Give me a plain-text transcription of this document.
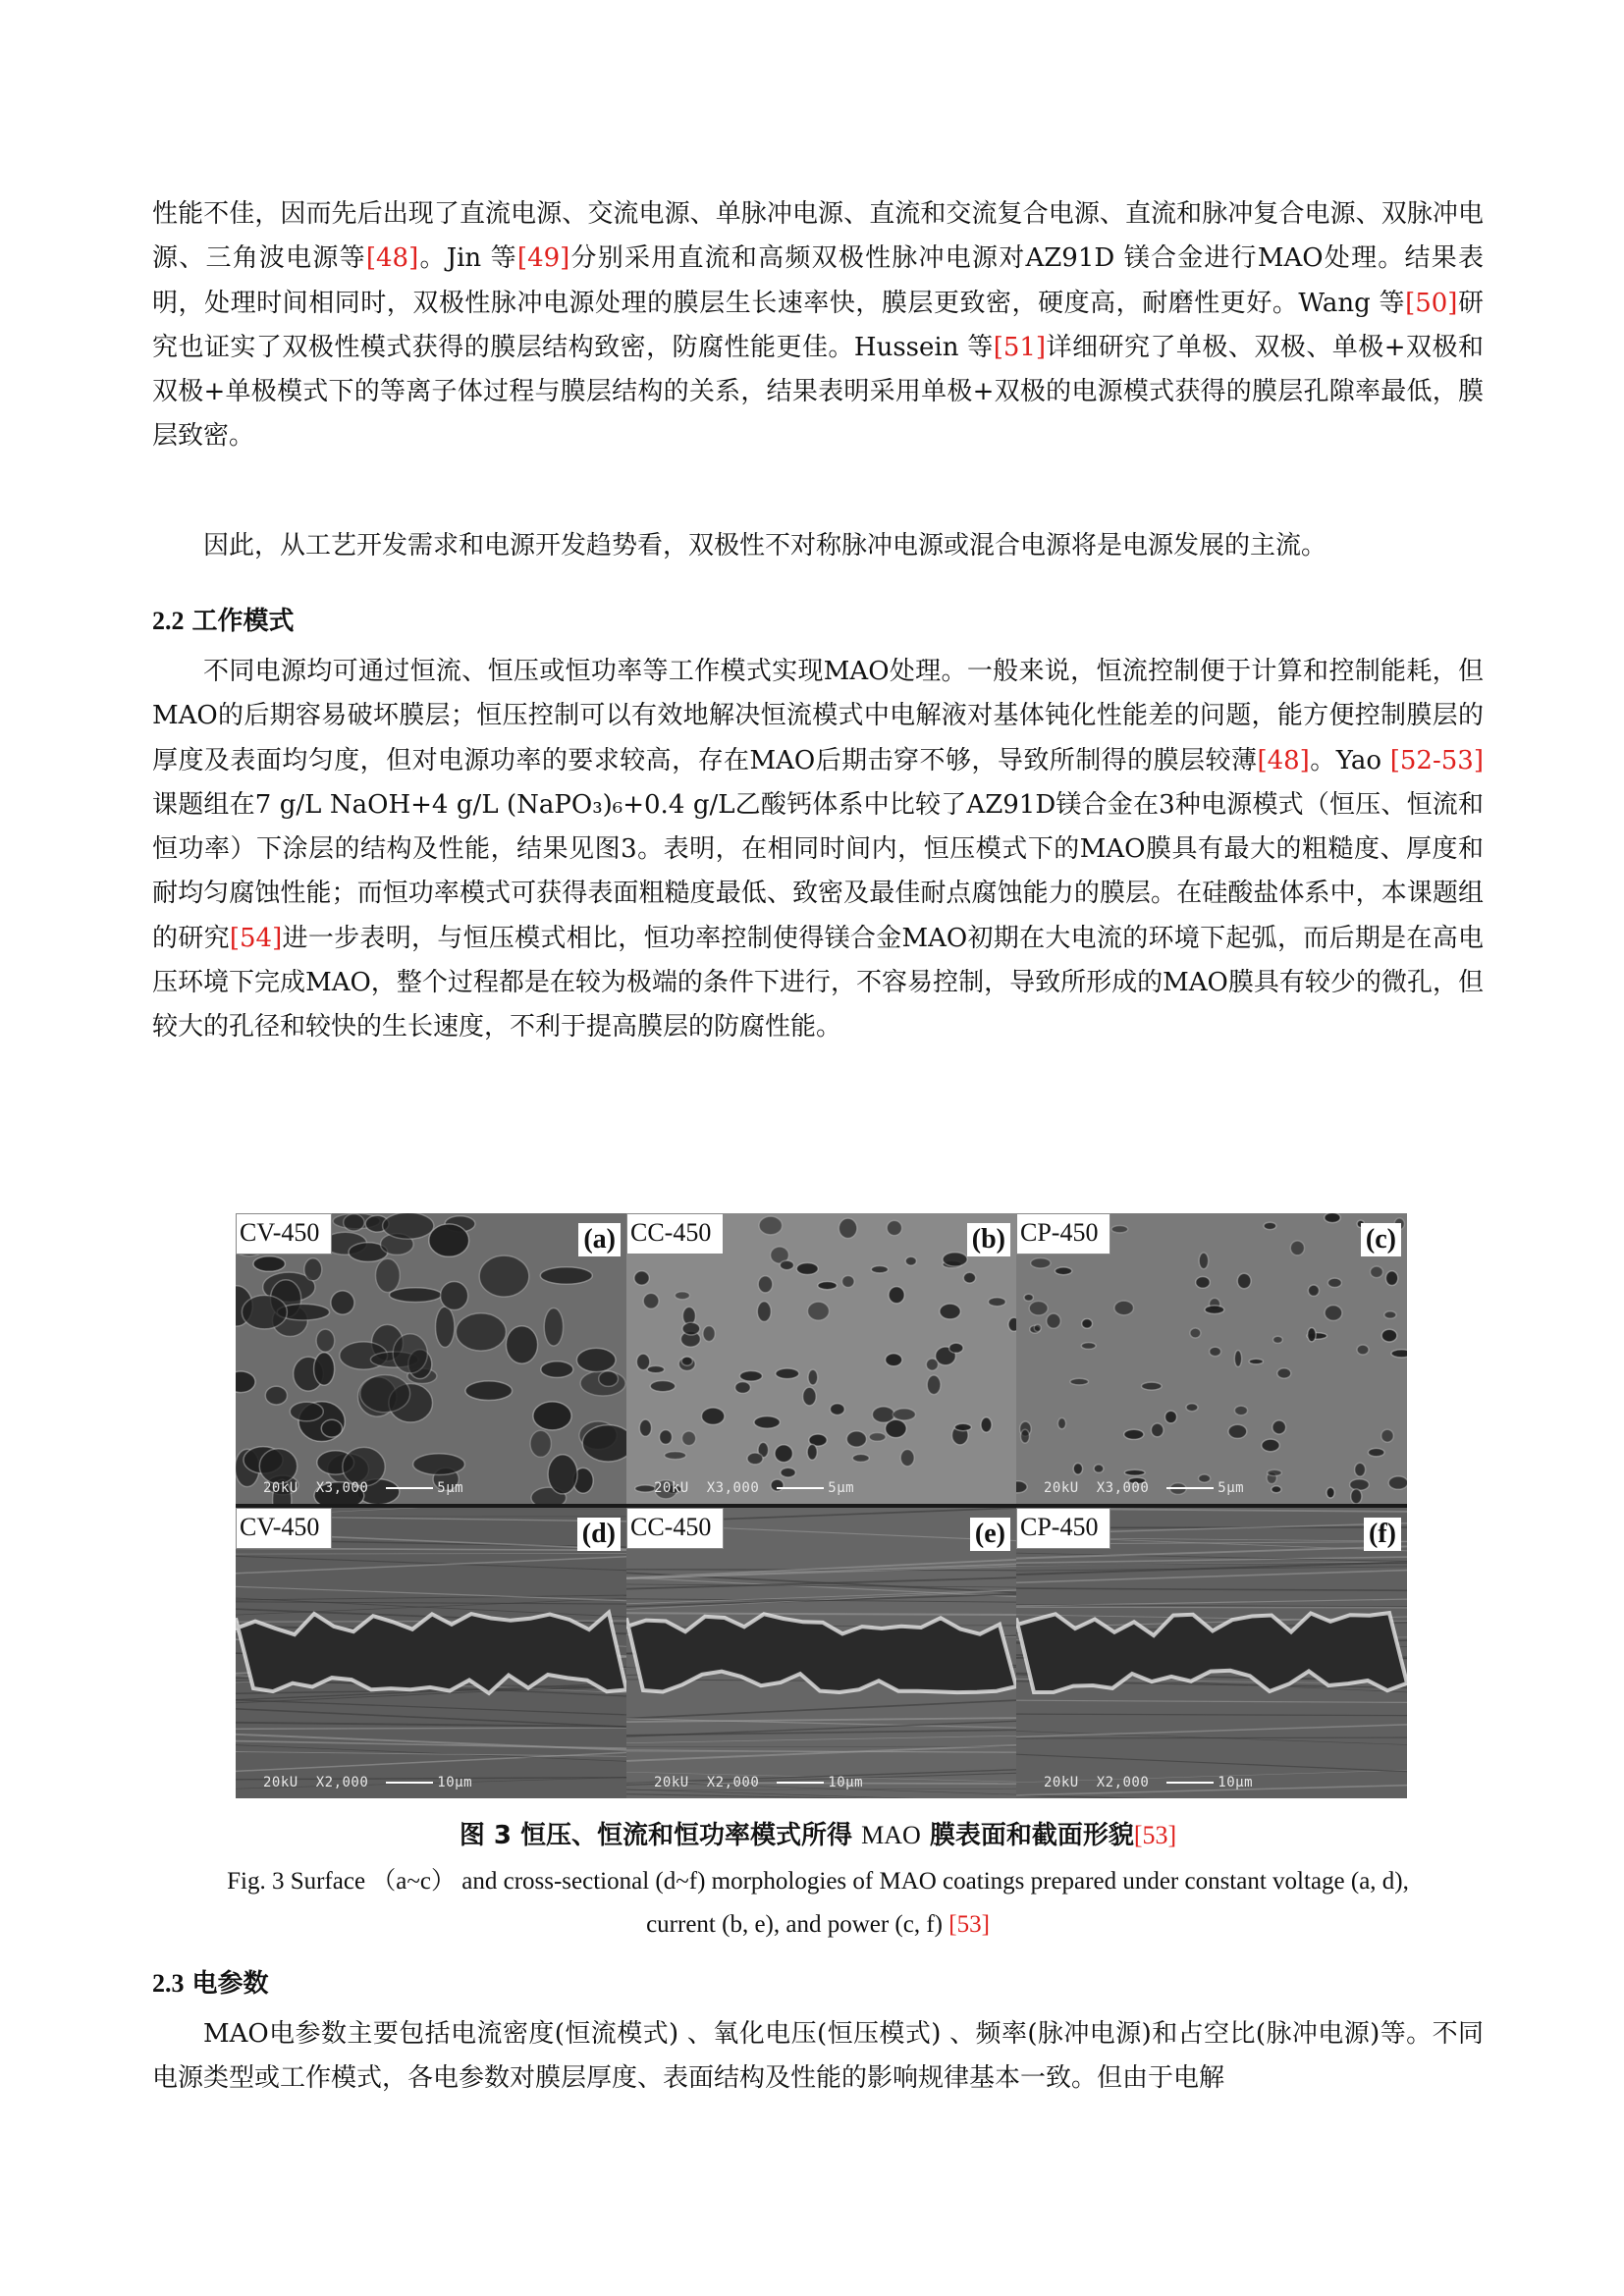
性能不佳，因而先后出现了直流电源、交流电源、单脉冲电源、直流和交流复合电源、直流和脉冲复合电源、双脉冲电源、三角波电源等[48]。Jin 等[49]分别采用直流和高频双极性脉冲电源对AZ91D 镁合金进行MAO处理。结果表明，处理时间相同时，双极性脉冲电源处理的膜层生长速率快，膜层更致密，硬度高，耐磨性更好。Wang 等[50]研究也证实了双极性模式获得的膜层结构致密，防腐性能更佳。Hussein 等[51]详细研究了单极、双极、单极+双极和双极+单极模式下的等离子体过程与膜层结构的关系，结果表明采用单极+双极的电源模式获得的膜层孔隙率最低，膜层致密。

因此，从工艺开发需求和电源开发趋势看，双极性不对称脉冲电源或混合电源将是电源发展的主流。

2.2 工作模式

不同电源均可通过恒流、恒压或恒功率等工作模式实现MAO处理。一般来说，恒流控制便于计算和控制能耗，但MAO的后期容易破坏膜层；恒压控制可以有效地解决恒流模式中电解液对基体钝化性能差的问题，能方便控制膜层的厚度及表面均匀度，但对电源功率的要求较高，存在MAO后期击穿不够，导致所制得的膜层较薄[48]。Yao [52-53]课题组在7 g/L NaOH+4 g/L (NaPO₃)₆+0.4 g/L乙酸钙体系中比较了AZ91D镁合金在3种电源模式（恒压、恒流和恒功率）下涂层的结构及性能，结果见图3。表明，在相同时间内，恒压模式下的MAO膜具有最大的粗糙度、厚度和耐均匀腐蚀性能；而恒功率模式可获得表面粗糙度最低、致密及最佳耐点腐蚀能力的膜层。在硅酸盐体系中，本课题组的研究[54]进一步表明，与恒压模式相比，恒功率控制使得镁合金MAO初期在大电流的环境下起弧，而后期是在高电压环境下完成MAO，整个过程都是在较为极端的条件下进行，不容易控制，导致所形成的MAO膜具有较少的微孔，但较大的孔径和较快的生长速度，不利于提高膜层的防腐性能。

CV-450	(a)
20kU X3,000	5μm
CC-450	(b)
20kU X3,000	5μm
CP-450	(c)
20kU X3,000	5μm
CV-450	(d)
20kU X2,000	10μm
CC-450	(e)
20kU X2,000	10μm
CP-450	(f)
20kU X2,000	10μm

图 3 恒压、恒流和恒功率模式所得 MAO 膜表面和截面形貌[53]

Fig. 3 Surface （a~c） and cross-sectional (d~f) morphologies of MAO coatings prepared under constant voltage (a, d), current (b, e), and power (c, f) [53]

2.3 电参数

MAO电参数主要包括电流密度(恒流模式) 、氧化电压(恒压模式) 、频率(脉冲电源)和占空比(脉冲电源)等。不同电源类型或工作模式，各电参数对膜层厚度、表面结构及性能的影响规律基本一致。但由于电解
